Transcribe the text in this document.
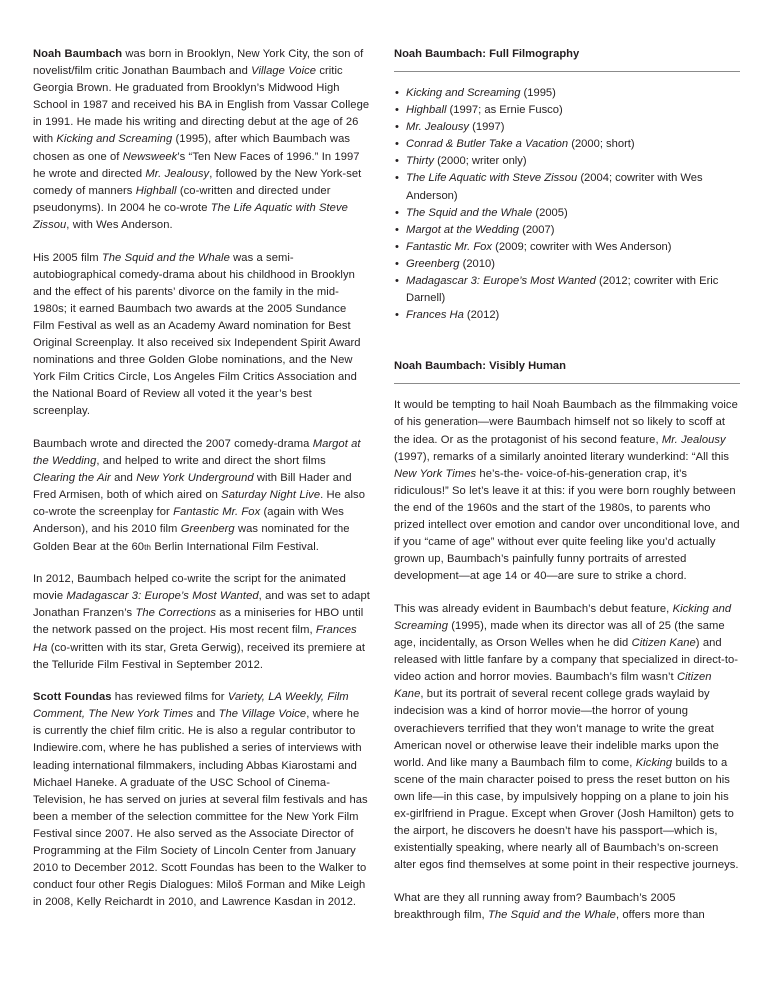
Noah Baumbach was born in Brooklyn, New York City, the son of novelist/film critic Jonathan Baumbach and Village Voice critic Georgia Brown. He graduated from Brooklyn’s Midwood High School in 1987 and received his BA in English from Vassar College in 1991. He made his writing and directing debut at the age of 26 with Kicking and Screaming (1995), after which Baumbach was chosen as one of Newsweek’s “Ten New Faces of 1996.” In 1997 he wrote and directed Mr. Jealousy, followed by the New York-set comedy of manners Highball (co-written and directed under pseudonyms). In 2004 he co-wrote The Life Aquatic with Steve Zissou, with Wes Anderson.

His 2005 film The Squid and the Whale was a semi-autobiographical comedy-drama about his childhood in Brooklyn and the effect of his parents’ divorce on the family in the mid-1980s; it earned Baumbach two awards at the 2005 Sundance Film Festival as well as an Academy Award nomination for Best Original Screenplay. It also received six Independent Spirit Award nominations and three Golden Globe nominations, and the New York Film Critics Circle, Los Angeles Film Critics Association and the National Board of Review all voted it the year’s best screenplay.

Baumbach wrote and directed the 2007 comedy-drama Margot at the Wedding, and helped to write and direct the short films Clearing the Air and New York Underground with Bill Hader and Fred Armisen, both of which aired on Saturday Night Live. He also co-wrote the screenplay for Fantastic Mr. Fox (again with Wes Anderson), and his 2010 film Greenberg was nominated for the Golden Bear at the 60th Berlin International Film Festival.

In 2012, Baumbach helped co-write the script for the animated movie Madagascar 3: Europe’s Most Wanted, and was set to adapt Jonathan Franzen’s The Corrections as a miniseries for HBO until the network passed on the project. His most recent film, Frances Ha (co-written with its star, Greta Gerwig), received its premiere at the Telluride Film Festival in September 2012.

Scott Foundas has reviewed films for Variety, LA Weekly, Film Comment, The New York Times and The Village Voice, where he is currently the chief film critic. He is also a regular contributor to Indiewire.com, where he has published a series of interviews with leading international filmmakers, including Abbas Kiarostami and Michael Haneke. A graduate of the USC School of Cinema-Television, he has served on juries at several film festivals and has been a member of the selection committee for the New York Film Festival since 2007. He also served as the Associate Director of Programming at the Film Society of Lincoln Center from January 2010 to December 2012. Scott Foundas has been to the Walker to conduct four other Regis Dialogues: Miloš Forman and Mike Leigh in 2008, Kelly Reichardt in 2010, and Lawrence Kasdan in 2012.

Noah Baumbach: Full Filmography
• Kicking and Screaming (1995)
• Highball (1997; as Ernie Fusco)
• Mr. Jealousy (1997)
• Conrad & Butler Take a Vacation (2000; short)
• Thirty (2000; writer only)
• The Life Aquatic with Steve Zissou (2004; cowriter with Wes Anderson)
• The Squid and the Whale (2005)
• Margot at the Wedding (2007)
• Fantastic Mr. Fox (2009; cowriter with Wes Anderson)
• Greenberg (2010)
• Madagascar 3: Europe’s Most Wanted (2012; cowriter with Eric Darnell)
• Frances Ha (2012)
Noah Baumbach: Visibly Human

It would be tempting to hail Noah Baumbach as the filmmaking voice of his generation—were Baumbach himself not so likely to scoff at the idea. Or as the protagonist of his second feature, Mr. Jealousy (1997), remarks of a similarly anointed literary wunderkind: “All this New York Times he’s-the- voice-of-his-generation crap, it’s ridiculous!” So let’s leave it at this: if you were born roughly between the end of the 1960s and the start of the 1980s, to parents who prized intellect over emotion and candor over unconditional love, and if you “came of age” without ever quite feeling like you’d actually grown up, Baumbach’s painfully funny portraits of arrested development—at age 14 or 40—are sure to strike a chord.

This was already evident in Baumbach’s debut feature, Kicking and Screaming (1995), made when its director was all of 25 (the same age, incidentally, as Orson Welles when he did Citizen Kane) and released with little fanfare by a company that specialized in direct-to-video action and horror movies. Baumbach’s film wasn’t Citizen Kane, but its portrait of several recent college grads waylaid by indecision was a kind of horror movie—the horror of young overachievers terrified that they won’t manage to write the great American novel or otherwise leave their indelible marks upon the world. And like many a Baumbach film to come, Kicking builds to a scene of the main character poised to press the reset button on his own life—in this case, by impulsively hopping on a plane to join his ex-girlfriend in Prague. Except when Grover (Josh Hamilton) gets to the airport, he discovers he doesn’t have his passport—which is, existentially speaking, where nearly all of Baumbach’s on-screen alter egos find themselves at some point in their respective journeys.

What are they all running away from? Baumbach’s 2005 breakthrough film, The Squid and the Whale, offers more than
